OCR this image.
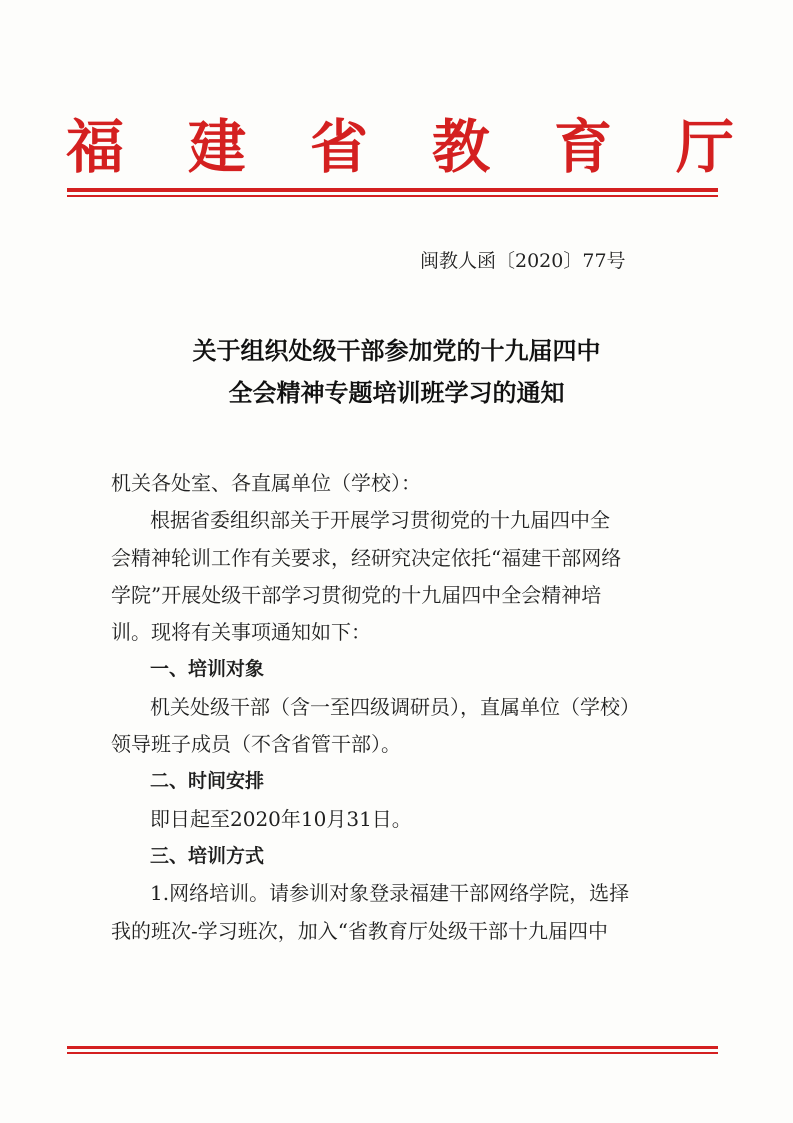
福 建 省 教 育 厅
闽教人函〔2020〕77号
关于组织处级干部参加党的十九届四中
全会精神专题培训班学习的通知

机关各处室、各直属单位（学校）：

根据省委组织部关于开展学习贯彻党的十九届四中全
会精神轮训工作有关要求，经研究决定依托“福建干部网络
学院”开展处级干部学习贯彻党的十九届四中全会精神培
训。现将有关事项通知如下：

一、培训对象

机关处级干部（含一至四级调研员），直属单位（学校）
领导班子成员（不含省管干部）。

二、时间安排

即日起至2020年10月31日。

三、培训方式

1.网络培训。请参训对象登录福建干部网络学院，选择
我的班次-学习班次，加入“省教育厅处级干部十九届四中
